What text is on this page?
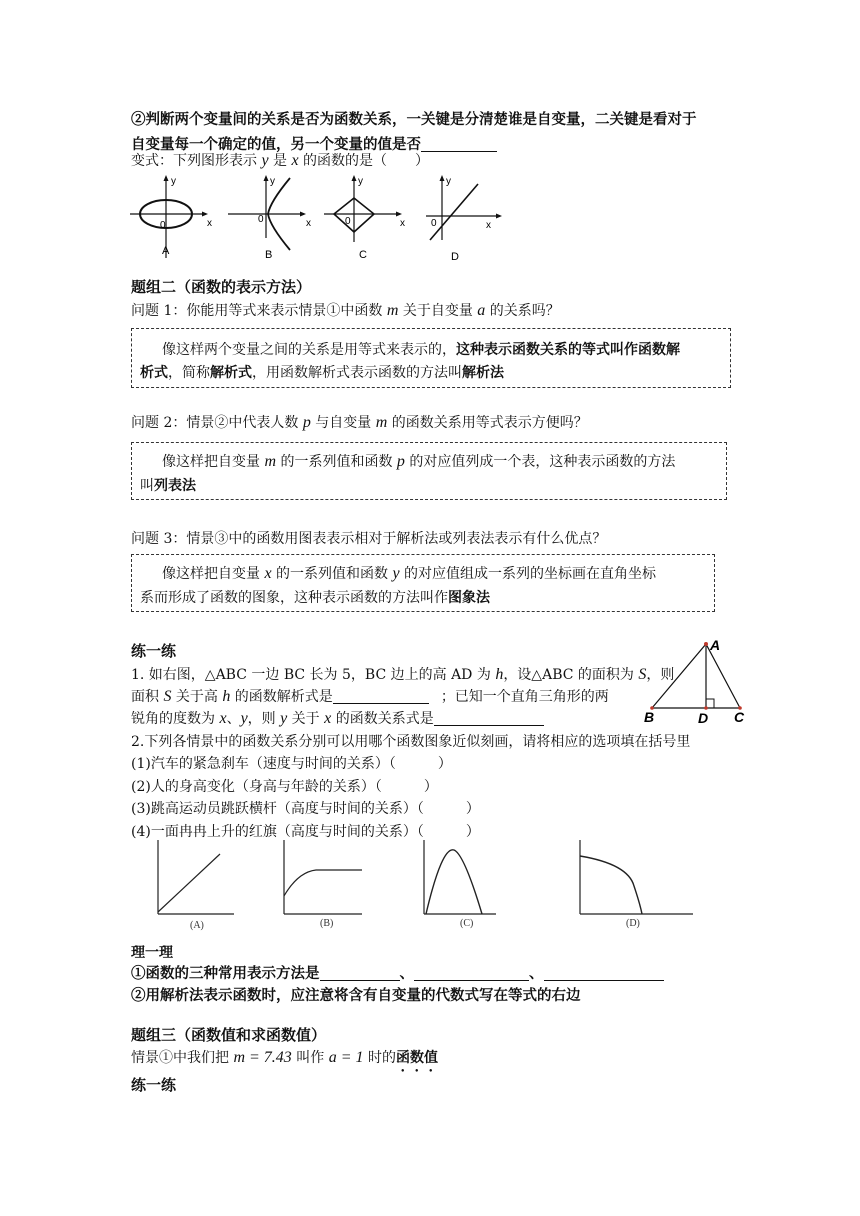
②判断两个变量间的关系是否为函数关系，一关键是分清楚谁是自变量，二关键是看对于
自变量每一个确定的值，另一个变量的值是否
变式：下列图形表示 y 是 x 的函数的是（　　）
y
x
0
A
y
x
0
B
y
x
0
C
y
x
0
D
题组二（函数的表示方法）
问题 1：你能用等式来表示情景①中函数 m 关于自变量 a 的关系吗？
像这样两个变量之间的关系是用等式来表示的，这种表示函数关系的等式叫作函数解
析式，简称解析式，用函数解析式表示函数的方法叫解析法
问题 2：情景②中代表人数 p 与自变量 m 的函数关系用等式表示方便吗？
像这样把自变量 m 的一系列值和函数 p 的对应值列成一个表，这种表示函数的方法
叫列表法
问题 3：情景③中的函数用图表表示相对于解析法或列表法表示有什么优点？
像这样把自变量 x 的一系列值和函数 y 的对应值组成一系列的坐标画在直角坐标
系而形成了函数的图象，这种表示函数的方法叫作图象法
练一练
1. 如右图，△ABC 一边 BC 长为 5，BC 边上的高 AD 为 h，设△ABC 的面积为 S，则
面积 S 关于高 h 的函数解析式是	；已知一个直角三角形的两
锐角的度数为 x、y，则 y 关于 x 的函数关系式是
A
B	D C
2.下列各情景中的函数关系分别可以用哪个函数图象近似刻画，请将相应的选项填在括号里
(1)汽车的紧急刹车（速度与时间的关系）（　　　）
(2)人的身高变化（身高与年龄的关系）（　　　）
(3)跳高运动员跳跃横杆（高度与时间的关系）（　　　）
(4)一面冉冉上升的红旗（高度与时间的关系）（　　　）
(A)	(B)	(C)	(D)
理一理
①函数的三种常用表示方法是	、	、
②用解析法表示函数时，应注意将含有自变量的代数式写在等式的右边
题组三（函数值和求函数值）
情景①中我们把 m = 7.43 叫作 a = 1 时的函数值
练一练
